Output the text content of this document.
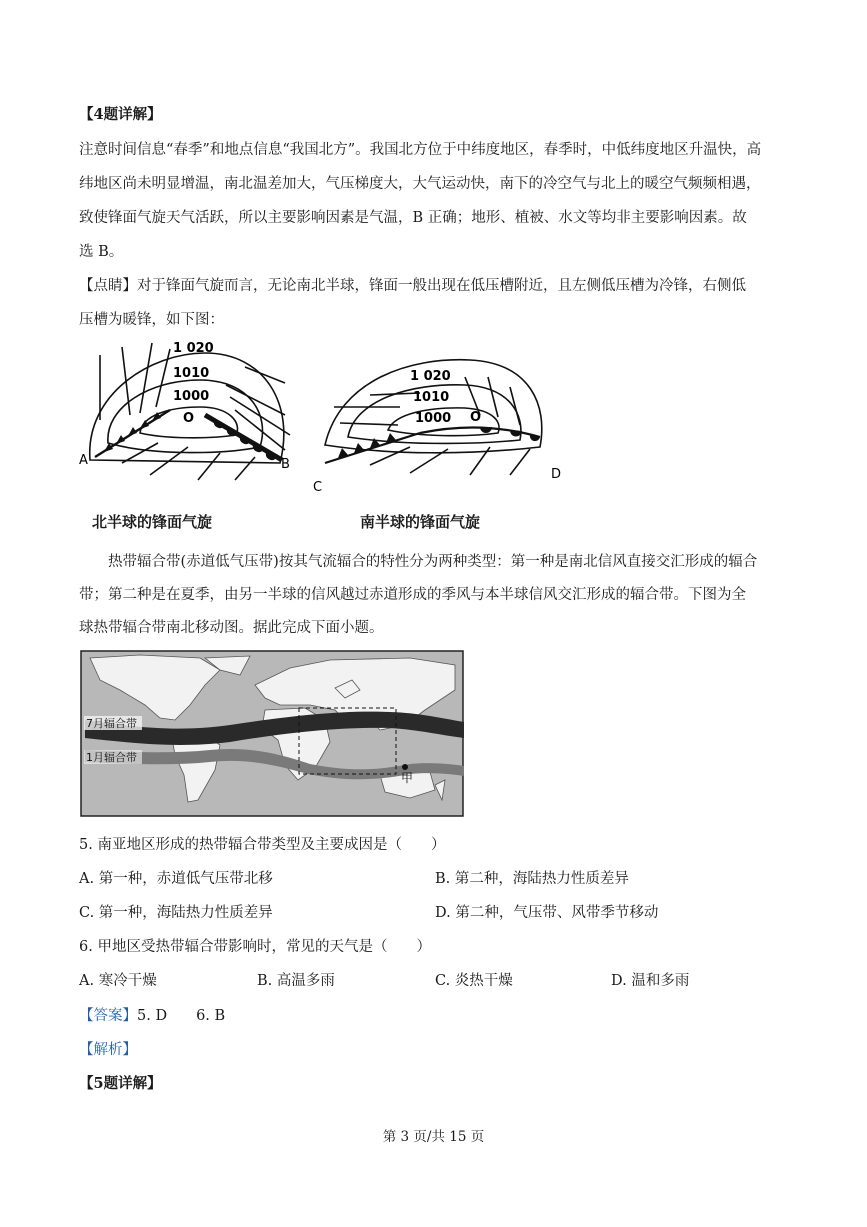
【4题详解】
注意时间信息“春季”和地点信息“我国北方”。我国北方位于中纬度地区，春季时，中低纬度地区升温快，高
纬地区尚未明显增温，南北温差加大，气压梯度大，大气运动快，南下的冷空气与北上的暖空气频频相遇，
致使锋面气旋天气活跃，所以主要影响因素是气温，B 正确；地形、植被、水文等均非主要影响因素。故
选 B。
【点睛】对于锋面气旋而言，无论南北半球，锋面一般出现在低压槽附近，且左侧低压槽为冷锋，右侧低
压槽为暖锋，如下图：
1 020
1010
1000
O
A	B
1 020
1010
1000 O
C
D
北半球的锋面气旋	南半球的锋面气旋
热带辐合带(赤道低气压带)按其气流辐合的特性分为两种类型：第一种是南北信风直接交汇形成的辐合
带；第二种是在夏季，由另一半球的信风越过赤道形成的季风与本半球信风交汇形成的辐合带。下图为全
球热带辐合带南北移动图。据此完成下面小题。
甲
7月辐合带
1月辐合带
5. 南亚地区形成的热带辐合带类型及主要成因是（　　）
A. 第一种，赤道低气压带北移	B. 第二种，海陆热力性质差异
C. 第一种，海陆热力性质差异	D. 第二种，气压带、风带季节移动
6. 甲地区受热带辐合带影响时，常见的天气是（　　）
A. 寒冷干燥	B. 高温多雨	C. 炎热干燥	D. 温和多雨
【答案】5. D　　6. B
【解析】
【5题详解】
第 3 页/共 15 页
